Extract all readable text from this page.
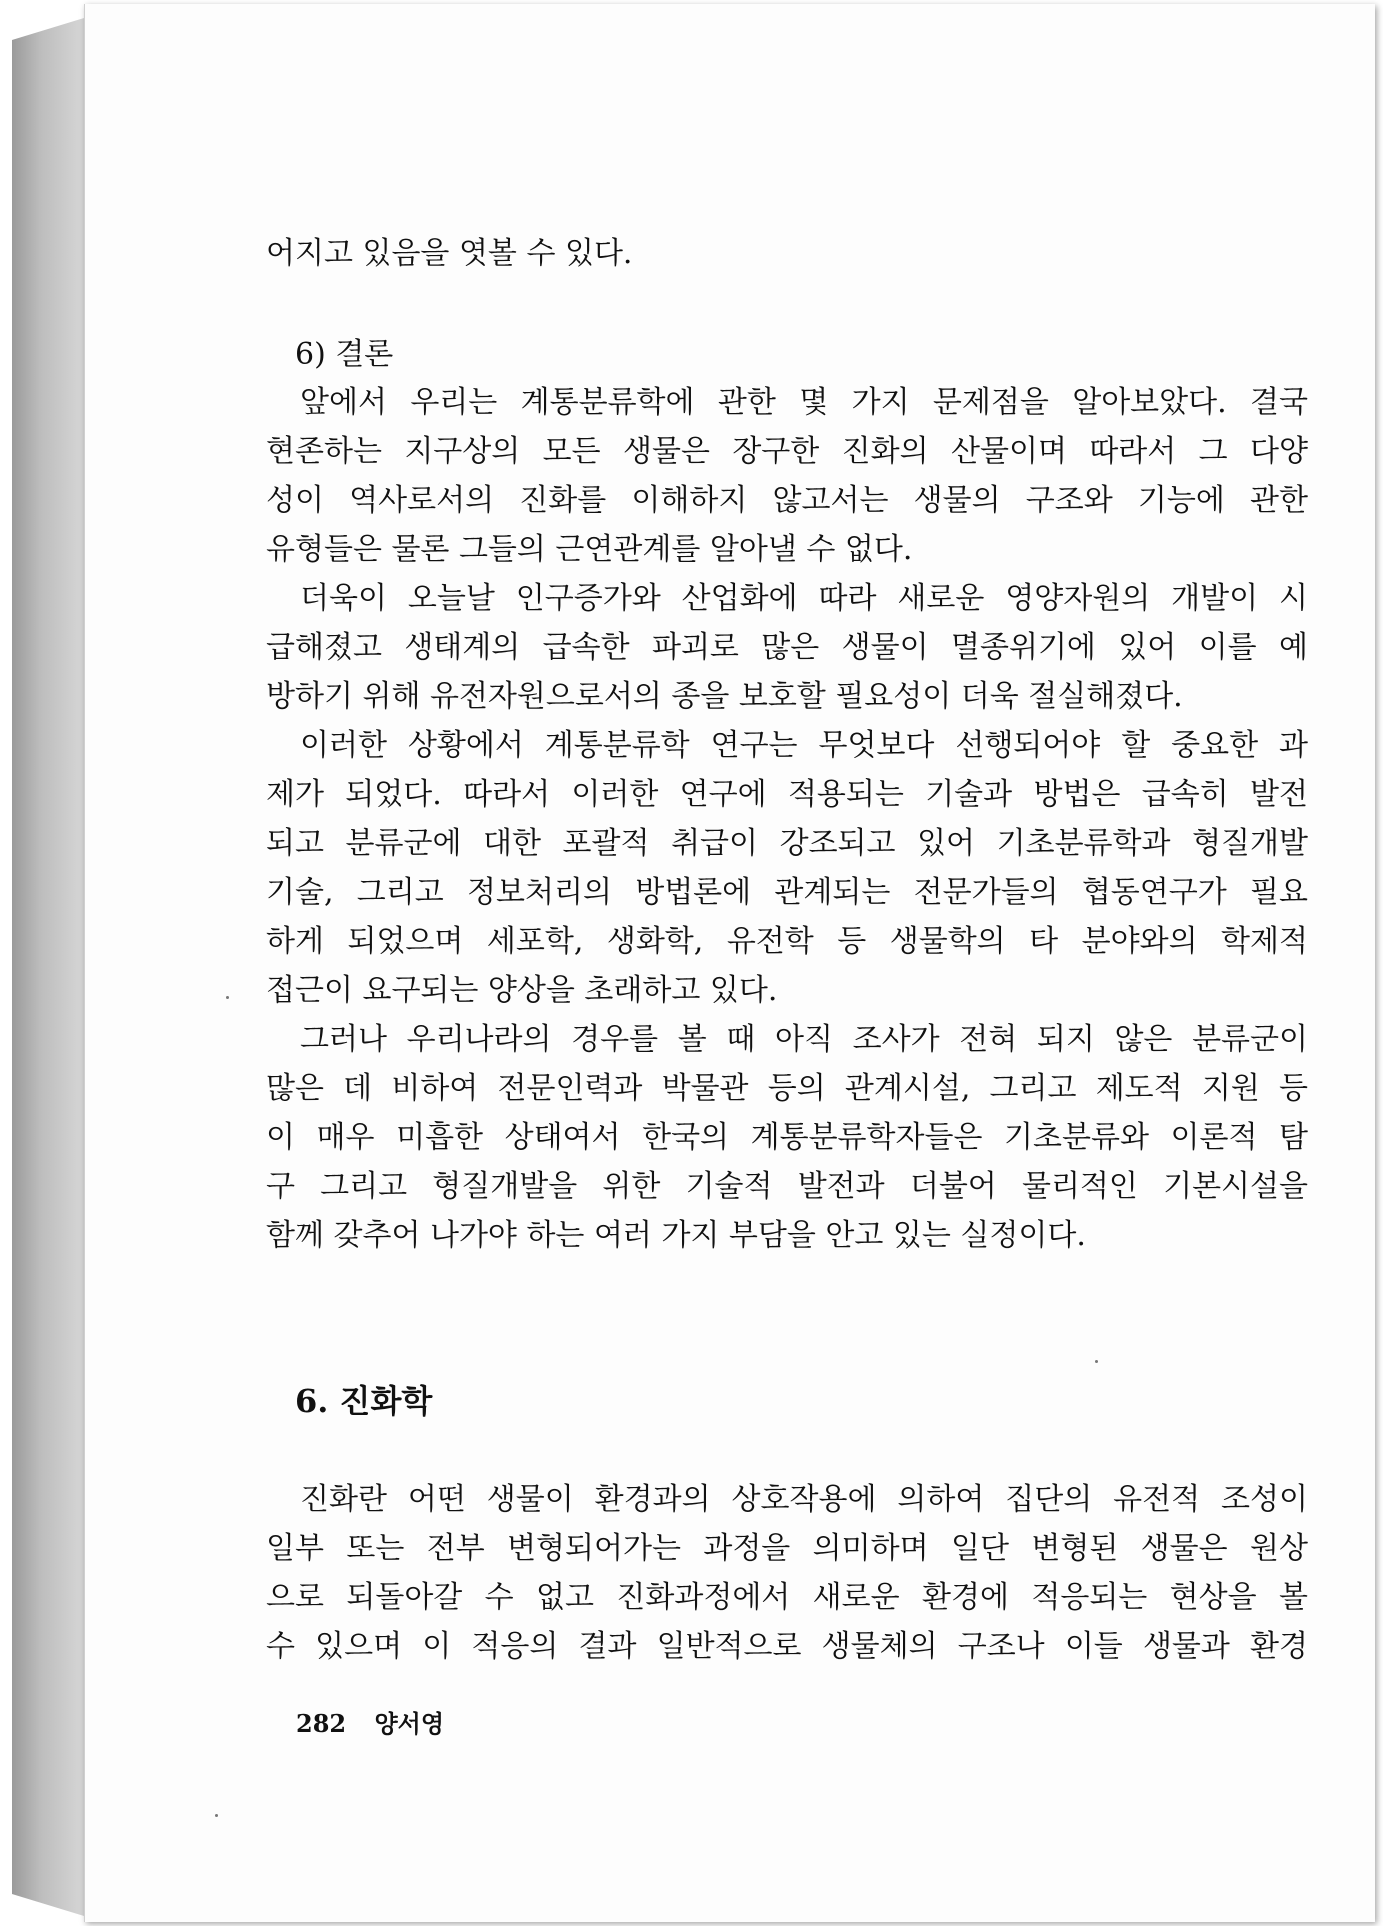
어지고 있음을 엿볼 수 있다.
6) 결론
앞에서 우리는 계통분류학에 관한 몇 가지 문제점을 알아보았다. 결국
현존하는 지구상의 모든 생물은 장구한 진화의 산물이며 따라서 그 다양
성이 역사로서의 진화를 이해하지 않고서는 생물의 구조와 기능에 관한
유형들은 물론 그들의 근연관계를 알아낼 수 없다.
더욱이 오늘날 인구증가와 산업화에 따라 새로운 영양자원의 개발이 시
급해졌고 생태계의 급속한 파괴로 많은 생물이 멸종위기에 있어 이를 예
방하기 위해 유전자원으로서의 종을 보호할 필요성이 더욱 절실해졌다.
이러한 상황에서 계통분류학 연구는 무엇보다 선행되어야 할 중요한 과
제가 되었다. 따라서 이러한 연구에 적용되는 기술과 방법은 급속히 발전
되고 분류군에 대한 포괄적 취급이 강조되고 있어 기초분류학과 형질개발
기술, 그리고 정보처리의 방법론에 관계되는 전문가들의 협동연구가 필요
하게 되었으며 세포학, 생화학, 유전학 등 생물학의 타 분야와의 학제적
접근이 요구되는 양상을 초래하고 있다.
그러나 우리나라의 경우를 볼 때 아직 조사가 전혀 되지 않은 분류군이
많은 데 비하여 전문인력과 박물관 등의 관계시설, 그리고 제도적 지원 등
이 매우 미흡한 상태여서 한국의 계통분류학자들은 기초분류와 이론적 탐
구 그리고 형질개발을 위한 기술적 발전과 더불어 물리적인 기본시설을
함께 갖추어 나가야 하는 여러 가지 부담을 안고 있는 실정이다.
6. 진화학
진화란 어떤 생물이 환경과의 상호작용에 의하여 집단의 유전적 조성이
일부 또는 전부 변형되어가는 과정을 의미하며 일단 변형된 생물은 원상
으로 되돌아갈 수 없고 진화과정에서 새로운 환경에 적응되는 현상을 볼
수 있으며 이 적응의 결과 일반적으로 생물체의 구조나 이들 생물과 환경
282 양서영
